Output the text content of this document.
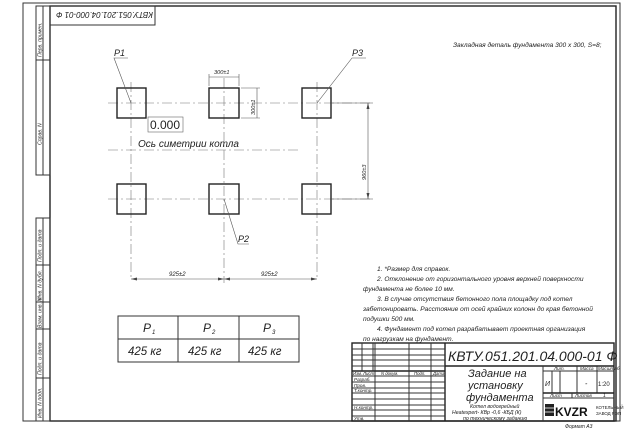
Перв. примен.
Справ. N
Подп. и дата
Инв. N дубл.
Взам. инв. N
Подп. и дата
Инв. N подл.
КВТУ.051.201.04.000-01 Ф
Закладная деталь фундамента 300 x 300, S=8;
P1	P3
P2
300±1
300±1
960±3
925±2	925±2
0.000
Ось симетрии котла
P 1	P 2	P 3
425 кг 425 кг 425 кг	КВТУ.051.201.04.000-01 Ф
Задание на
установку
фундамента
Котел водогрейный
Heatexpert- КВр -0,6 -КБД (К)
по техническому заданию
Изм. Лист N докум.	Подп. Дата
Разраб.
Пров.
Т.контр.
Н.контр.
Утв.
Лит.	Масса Масштаб
И	- 1:20
Лист	Листов 1
KVZR КОТЕЛЬНЫЙ
ЗАВОД РЭП
Формат А3
1. *Размер для справок.
2. Отклонение от горизонтального уровня верхней поверхности
фундамента не более 10 мм.
3. В случае отсутствия бетонного пола площадку под котел
забетонировать. Расстояние от осей крайних колонн до края бетонной
подушки 500 мм.
4. Фундамент под котел разрабатывает проектная организация
по нагрузкам на фундамент.
